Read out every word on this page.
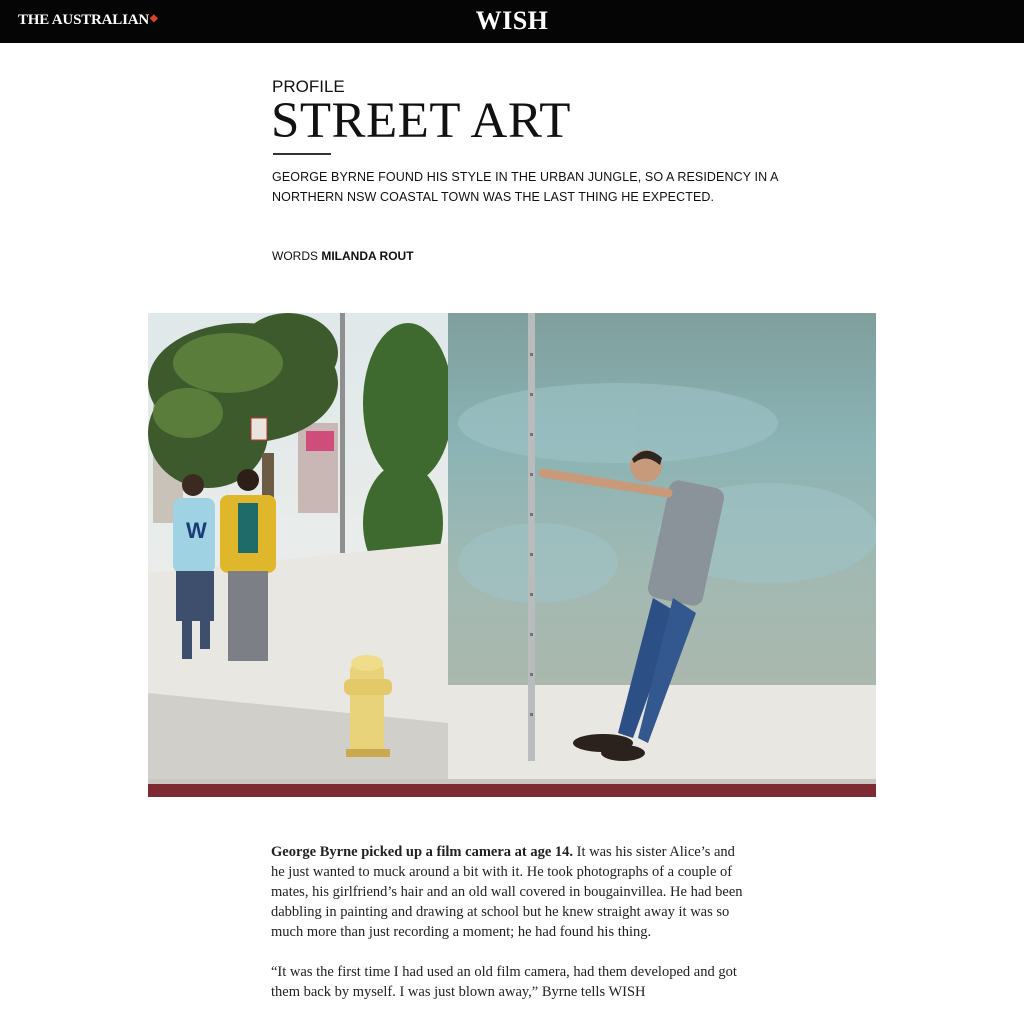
THE AUSTRALIAN◆	WISH
PROFILE
STREET ART
GEORGE BYRNE FOUND HIS STYLE IN THE URBAN JUNGLE, SO A RESIDENCY IN A NORTHERN NSW COASTAL TOWN WAS THE LAST THING HE EXPECTED.
WORDS MILANDA ROUT
W

George Byrne picked up a film camera at age 14. It was his sister Alice’s and he just wanted to muck around a bit with it. He took photographs of a couple of mates, his girlfriend’s hair and an old wall covered in bougainvillea. He had been dabbling in painting and drawing at school but he knew straight away it was so much more than just recording a moment; he had found his thing.

“It was the first time I had used an old film camera, had them developed and got them back by myself. I was just blown away,” Byrne tells WISH
